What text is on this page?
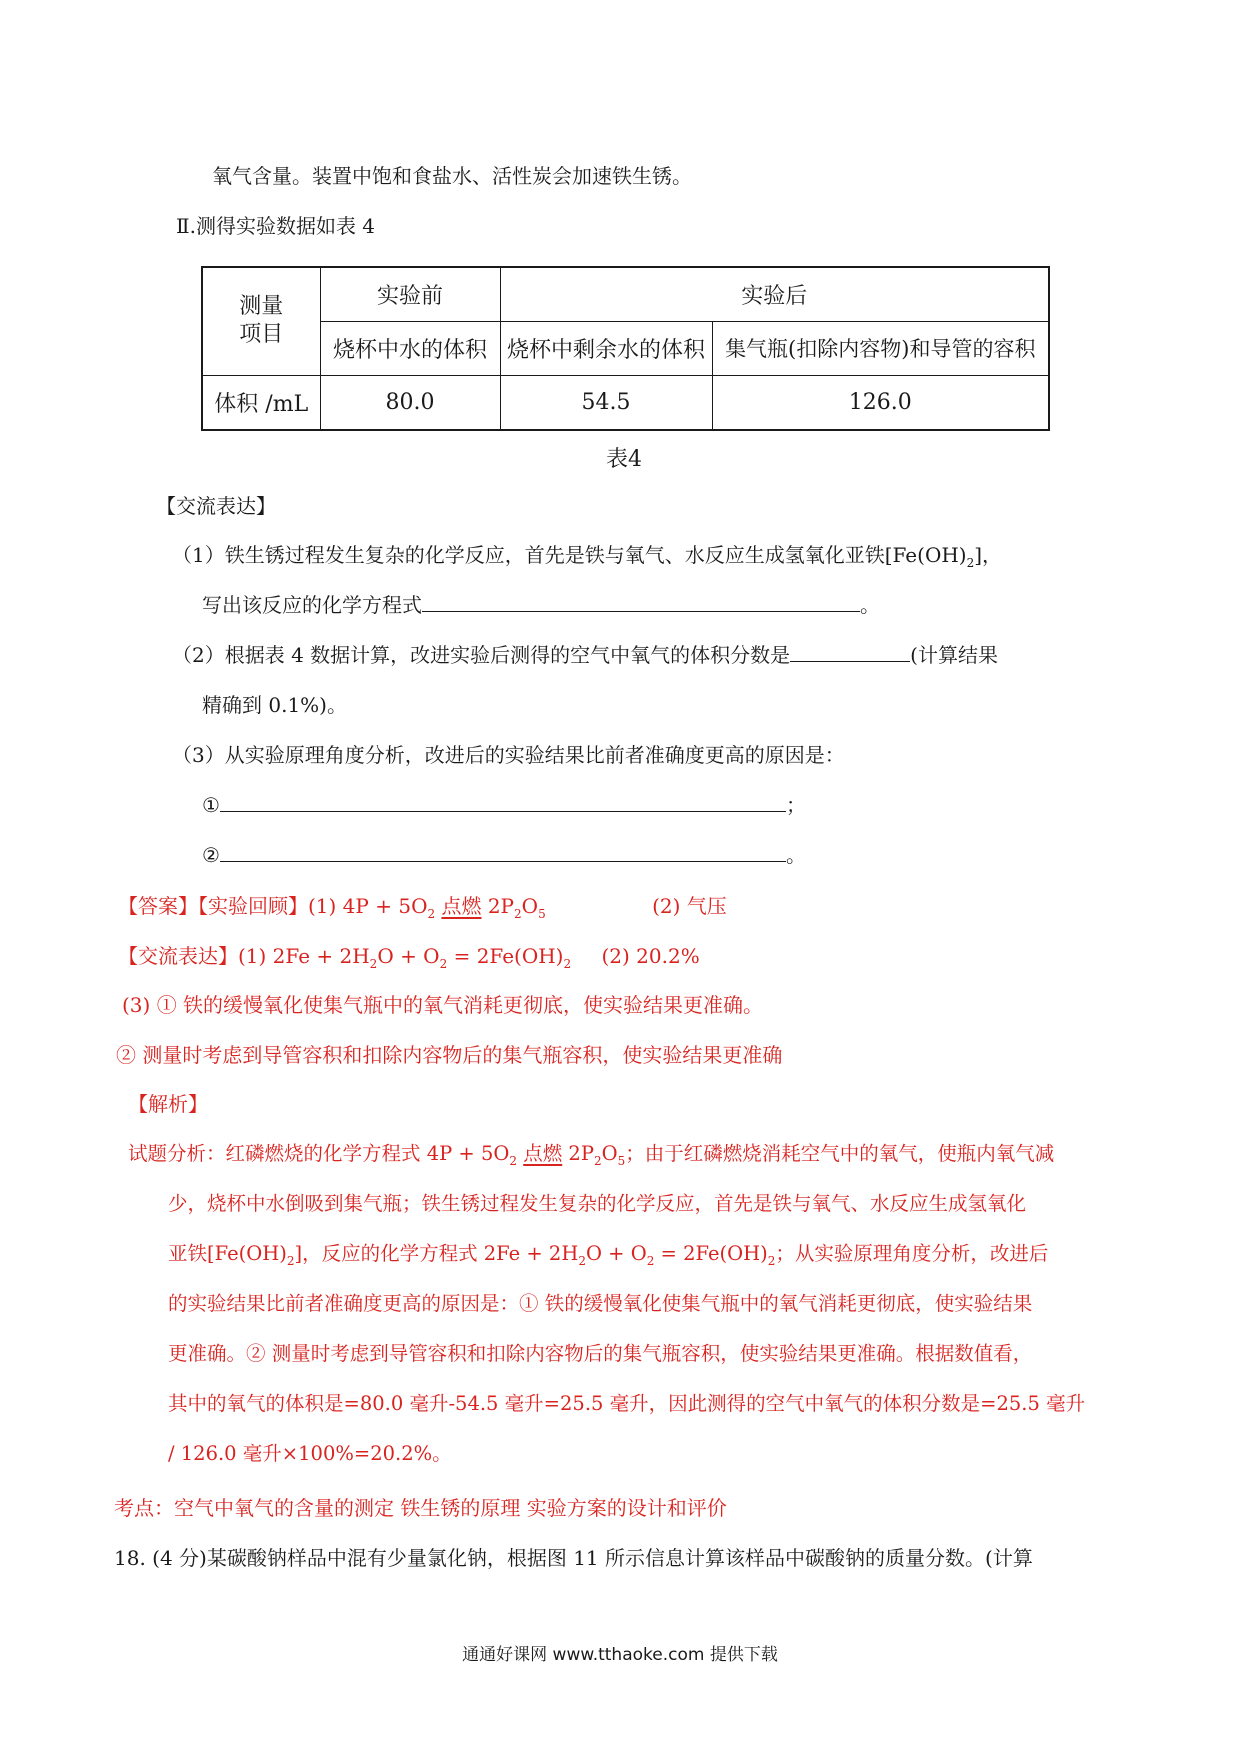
氧气含量。装置中饱和食盐水、活性炭会加速铁生锈。
Ⅱ.测得实验数据如表 4
测量
项目	实验前	实验后	
	烧杯中水的体积	烧杯中剩余水的体积	集气瓶(扣除内容物)和导管的容积
体积 /mL	80.0	54.5	126.0
表4
【交流表达】
（1）铁生锈过程发生复杂的化学反应，首先是铁与氧气、水反应生成氢氧化亚铁$[Fe(OH)_2]$，
写出该反应的化学方程式	。
（2）根据表 4 数据计算，改进实验后测得的空气中氧气的体积分数是	(计算结果
精确到 0.1%)。
（3）从实验原理角度分析，改进后的实验结果比前者准确度更高的原因是：
①	；
②	。
【答案】【实验回顾】(1) $4P + 5O_2$ 点燃 $2P_2O_5$	(2) 气压
【交流表达】(1) $2Fe + 2H_2O + O_2 = 2Fe(OH)_2$ (2) 20.2%
(3) ① 铁的缓慢氧化使集气瓶中的氧气消耗更彻底，使实验结果更准确。
② 测量时考虑到导管容积和扣除内容物后的集气瓶容积，使实验结果更准确
【解析】
试题分析：红磷燃烧的化学方程式 $4P + 5O_2$ 点燃 $2P_2O_5$；由于红磷燃烧消耗空气中的氧气，使瓶内氧气减
少，烧杯中水倒吸到集气瓶；铁生锈过程发生复杂的化学反应，首先是铁与氧气、水反应生成氢氧化
亚铁$[Fe(OH)_2]$，反应的化学方程式 $2Fe + 2H_2O + O_2 = 2Fe(OH)_2$；从实验原理角度分析，改进后
的实验结果比前者准确度更高的原因是：① 铁的缓慢氧化使集气瓶中的氧气消耗更彻底，使实验结果
更准确。② 测量时考虑到导管容积和扣除内容物后的集气瓶容积，使实验结果更准确。根据数值看，
其中的氧气的体积是=80.0 毫升-54.5 毫升=25.5 毫升，因此测得的空气中氧气的体积分数是=25.5 毫升
/ 126.0 毫升×100%=20.2%。
考点：空气中氧气的含量的测定 铁生锈的原理 实验方案的设计和评价
18. (4 分)某碳酸钠样品中混有少量氯化钠，根据图 11 所示信息计算该样品中碳酸钠的质量分数。(计算
通通好课网 www.tthaoke.com 提供下载
